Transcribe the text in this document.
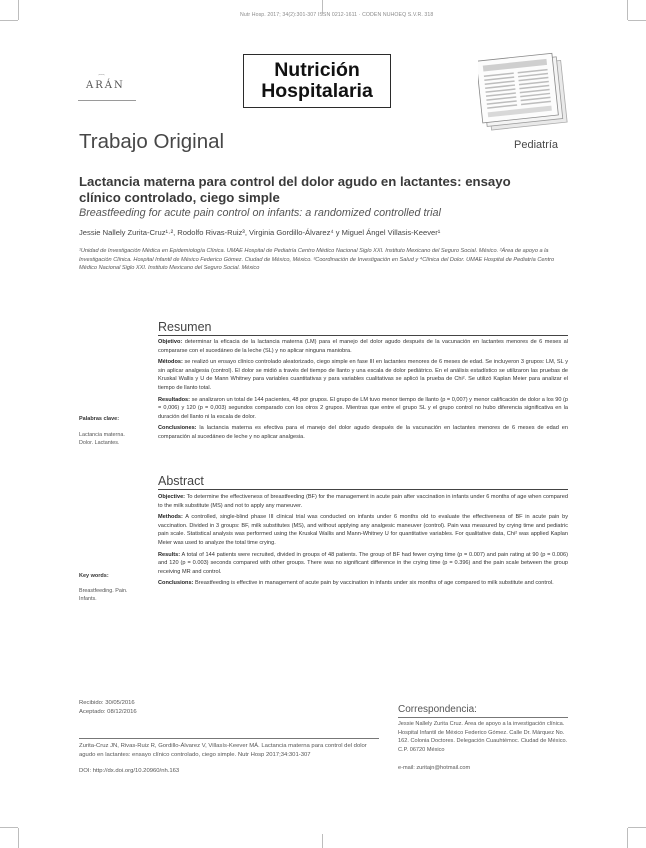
Nutr Hosp. 2017; 34(2):301-307 ISSN 0212-1611 · CODEN NUHOEQ S.V.R. 318
⌒
ARÁN
Nutrición
Hospitalaria
Trabajo Original	Pediatría
Lactancia materna para control del dolor agudo en lactantes: ensayo clínico controlado, ciego simple
Breastfeeding for acute pain control on infants: a randomized controlled trial
Jessie Nallely Zurita-Cruz¹·², Rodolfo Rivas-Ruiz³, Virginia Gordillo-Álvarez⁴ y Miguel Ángel Villasis-Keever¹
¹Unidad de Investigación Médica en Epidemiología Clínica. UMAE Hospital de Pediatría Centro Médico Nacional Siglo XXI. Instituto Mexicano del Seguro Social. México. ²Área de apoyo a la Investigación Clínica. Hospital Infantil de México Federico Gómez. Ciudad de México, México. ³Coordinación de Investigación en Salud y ⁴Clínica del Dolor. UMAE Hospital de Pediatría Centro Médico Nacional Siglo XXI. Instituto Mexicano del Seguro Social. México
Resumen
Objetivo: determinar la eficacia de la lactancia materna (LM) para el manejo del dolor agudo después de la vacunación en lactantes menores de 6 meses al compararse con el sucedáneo de la leche (SL) y no aplicar ninguna maniobra.
Métodos: se realizó un ensayo clínico controlado aleatorizado, ciego simple en fase III en lactantes menores de 6 meses de edad. Se incluyeron 3 grupos: LM, SL y sin aplicar analgesia (control). El dolor se midió a través del tiempo de llanto y una escala de dolor pediátrico. En el análisis estadístico se utilizaron las pruebas de Kruskal Wallis y U de Mann Whitney para variables cuantitativas y para variables cualitativas se aplicó la prueba de Chi². Se utilizó Kaplan Meier para analizar el tiempo de llanto total.
Resultados: se analizaron un total de 144 pacientes, 48 por grupos. El grupo de LM tuvo menor tiempo de llanto (p = 0,007) y menor calificación de dolor a los 90 (p = 0,006) y 120 (p = 0,003) segundos comparado con los otros 2 grupos. Mientras que entre el grupo SL y el grupo control no hubo diferencia significativa en la duración del llanto ni la escala de dolor.
Conclusiones: la lactancia materna es efectiva para el manejo del dolor agudo después de la vacunación en lactantes menores de 6 meses de edad en comparación al sucedáneo de leche y no aplicar analgesia.
Palabras clave:
Lactancia materna. Dolor. Lactantes.
Abstract
Objective: To determine the effectiveness of breastfeeding (BF) for the management in acute pain after vaccination in infants under 6 months of age when compared to the milk substitute (MS) and not to apply any maneuver.
Methods: A controlled, single-blind phase III clinical trial was conducted on infants under 6 months old to evaluate the effectiveness of BF in acute pain by vaccination. Divided in 3 groups: BF, milk substitutes (MS), and without applying any analgesic maneuver (control). Pain was measured by crying time and pediatric pain scale. Statistical analysis was performed using the Kruskal Wallis and Mann-Whitney U for quantitative variables. For qualitative data, Chi² was applied Kaplan Meier was used to analyze the total time crying.
Results: A total of 144 patients were recruited, divided in groups of 48 patients. The group of BF had fewer crying time (p = 0.007) and pain rating at 90 (p = 0.006) and 120 (p = 0.003) seconds compared with other groups. There was no significant difference in the crying time (p = 0.396) and the pain scale between the group receiving MR and control.
Conclusions: Breastfeeding is effective in management of acute pain by vaccination in infants under six months of age compared to milk substitute and control.
Key words:
Breastfeeding. Pain. Infants.
Recibido: 30/05/2016
Aceptado: 08/12/2016
Zurita-Cruz JN, Rivas-Ruiz R, Gordillo-Álvarez V, Villasís-Keever MÁ. Lactancia materna para control del dolor agudo en lactantes: ensayo clínico controlado, ciego simple. Nutr Hosp 2017;34:301-307
DOI: http://dx.doi.org/10.20960/nh.163
Correspondencia:
Jessie Nallely Zurita Cruz. Área de apoyo a la investigación clínica. Hospital Infantil de México Federico Gómez. Calle Dr. Márquez No. 162. Colonia Doctores. Delegación Cuauhtémoc. Ciudad de México. C.P. 06720 México
e-mail: zuritajn@hotmail.com
